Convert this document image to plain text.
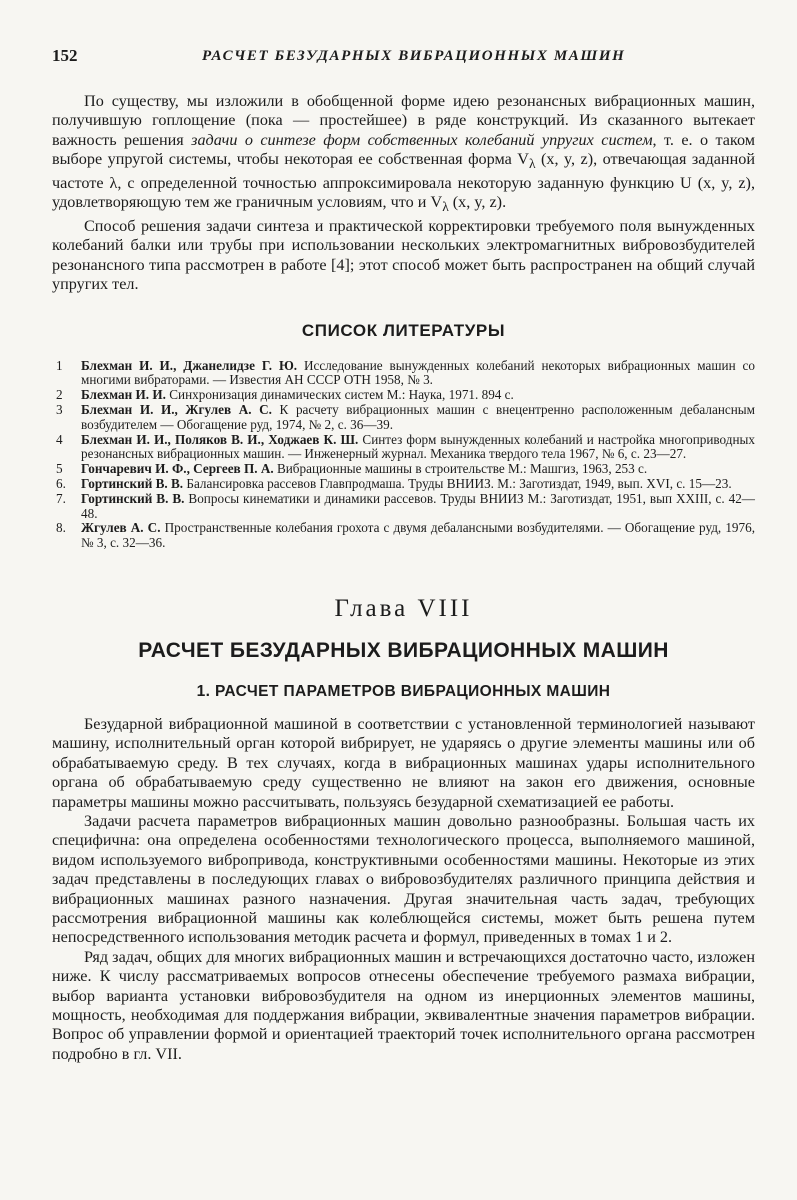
152	РАСЧЕТ БЕЗУДАРНЫХ ВИБРАЦИОННЫХ МАШИН

По существу, мы изложили в обобщенной форме идею резонансных вибрационных машин, получившую гоплощение (пока — простейшее) в ряде конструкций. Из сказанного вытекает важность решения задачи о синтезе форм собственных колебаний упругих систем, т. е. о таком выборе упругой системы, чтобы некоторая ее собственная форма $V_\lambda$ (x, y, z), отвечающая заданной частоте λ, с определенной точностью аппроксимировала некоторую заданную функцию U (x, y, z), удовлетворяющую тем же граничным условиям, что и $V_\lambda$ (x, y, z).

Способ решения задачи синтеза и практической корректировки требуемого поля вынужденных колебаний балки или трубы при использовании нескольких электромагнитных вибровозбудителей резонансного типа рассмотрен в работе [4]; этот способ может быть распространен на общий случай упругих тел.

СПИСОК ЛИТЕРАТУРЫ
1	Блехман И. И., Джанелидзе Г. Ю. Исследование вынужденных колебаний некоторых вибрационных машин со многими вибраторами. — Известия АН СССР ОТН 1958, № 3.
2	Блехман И. И. Синхронизация динамических систем М.: Наука, 1971. 894 с.
3	Блехман И. И., Жгулев А. С. К расчету вибрационных машин с внецентренно расположенным дебалансным возбудителем — Обогащение руд, 1974, № 2, с. 36—39.
4	Блехман И. И., Поляков В. И., Ходжаев К. Ш. Синтез форм вынужденных колебаний и настройка многоприводных резонансных вибрационных машин. — Инженерный журнал. Механика твердого тела 1967, № 6, с. 23—27.
5	Гончаревич И. Ф., Сергеев П. А. Вибрационные машины в строительстве М.: Машгиз, 1963, 253 с.
6.	Гортинский В. В. Балансировка рассевов Главпродмаша. Труды ВНИИЗ. М.: Заготиздат, 1949, вып. XVI, с. 15—23.
7.	Гортинский В. В. Вопросы кинематики и динамики рассевов. Труды ВНИИЗ М.: Заготиздат, 1951, вып XXIII, с. 42—48.
8.	Жгулев А. С. Пространственные колебания грохота с двумя дебалансными возбудителями. — Обогащение руд, 1976, № 3, с. 32—36.
Глава VIII
РАСЧЕТ БЕЗУДАРНЫХ ВИБРАЦИОННЫХ МАШИН
1. РАСЧЕТ ПАРАМЕТРОВ ВИБРАЦИОННЫХ МАШИН

Безударной вибрационной машиной в соответствии с установленной терминологией называют машину, исполнительный орган которой вибрирует, не ударяясь о другие элементы машины или об обрабатываемую среду. В тех случаях, когда в вибрационных машинах удары исполнительного органа об обрабатываемую среду существенно не влияют на закон его движения, основные параметры машины можно рассчитывать, пользуясь безударной схематизацией ее работы.

Задачи расчета параметров вибрационных машин довольно разнообразны. Большая часть их специфична: она определена особенностями технологического процесса, выполняемого машиной, видом используемого вибропривода, конструктивными особенностями машины. Некоторые из этих задач представлены в последующих главах о вибровозбудителях различного принципа действия и вибрационных машинах разного назначения. Другая значительная часть задач, требующих рассмотрения вибрационной машины как колеблющейся системы, может быть решена путем непосредственного использования методик расчета и формул, приведенных в томах 1 и 2.

Ряд задач, общих для многих вибрационных машин и встречающихся достаточно часто, изложен ниже. К числу рассматриваемых вопросов отнесены обеспечение требуемого размаха вибрации, выбор варианта установки вибровозбудителя на одном из инерционных элементов машины, мощность, необходимая для поддержания вибрации, эквивалентные значения параметров вибрации. Вопрос об управлении формой и ориентацией траекторий точек исполнительного органа рассмотрен подробно в гл. VII.
